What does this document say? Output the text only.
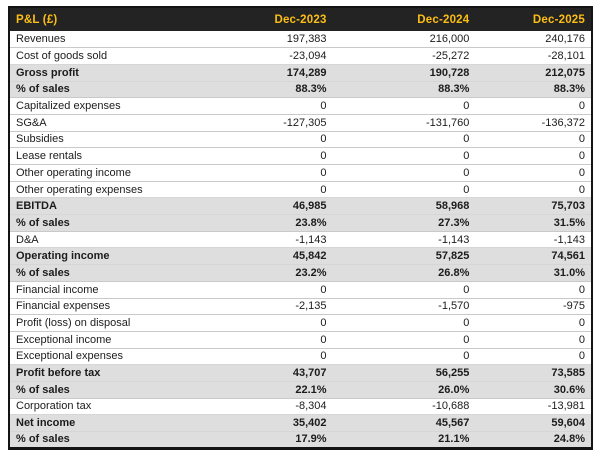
P&L (£)	Dec-2023	Dec-2024	Dec-2025
Revenues	197,383	216,000	240,176
Cost of goods sold	-23,094	-25,272	-28,101
Gross profit	174,289	190,728	212,075
% of sales	88.3%	88.3%	88.3%
Capitalized expenses	0	0	0
SG&A	-127,305	-131,760	-136,372
Subsidies	0	0	0
Lease rentals	0	0	0
Other operating income	0	0	0
Other operating expenses	0	0	0
EBITDA	46,985	58,968	75,703
% of sales	23.8%	27.3%	31.5%
D&A	-1,143	-1,143	-1,143
Operating income	45,842	57,825	74,561
% of sales	23.2%	26.8%	31.0%
Financial income	0	0	0
Financial expenses	-2,135	-1,570	-975
Profit (loss) on disposal	0	0	0
Exceptional income	0	0	0
Exceptional expenses	0	0	0
Profit before tax	43,707	56,255	73,585
% of sales	22.1%	26.0%	30.6%
Corporation tax	-8,304	-10,688	-13,981
Net income	35,402	45,567	59,604
% of sales	17.9%	21.1%	24.8%
